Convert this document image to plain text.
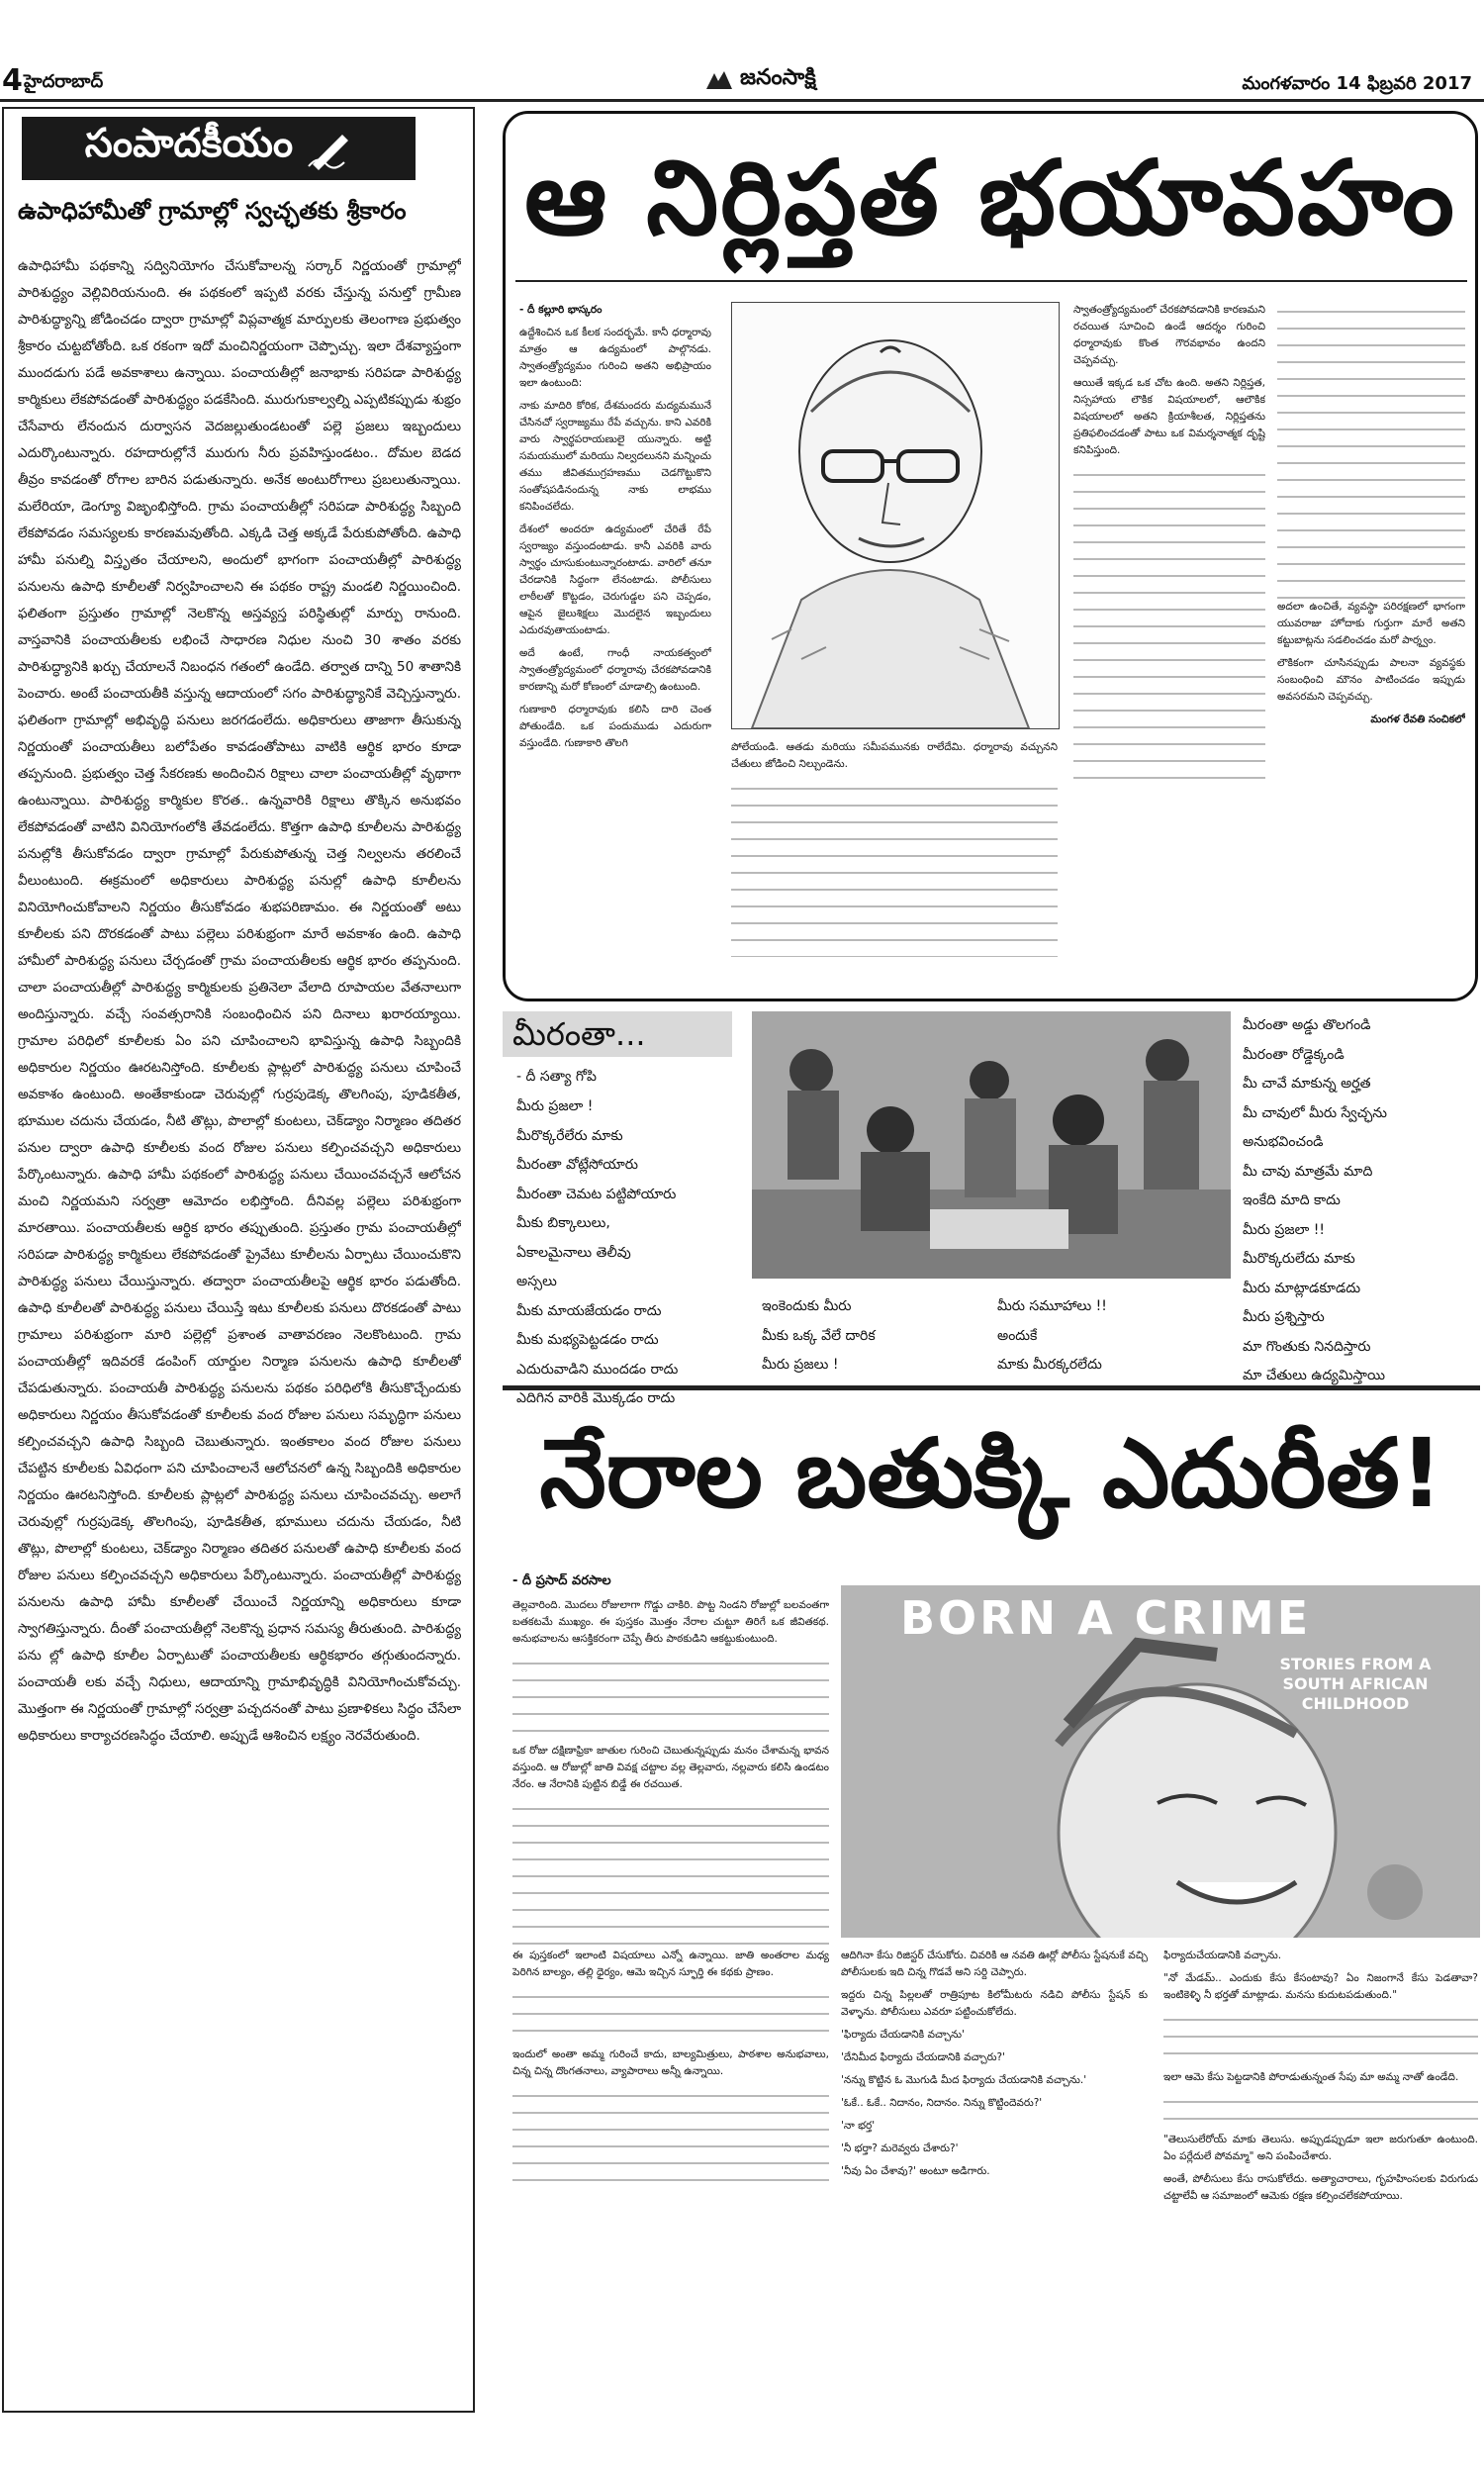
4 హైదరాబాద్	జనంసాక్షి	మంగళవారం 14 ఫిబ్రవరి 2017
సంపాదకీయం
ఉపాధిహామీతో గ్రామాల్లో స్వచ్ఛతకు శ్రీకారం

ఉపాధిహామీ పథకాన్ని సద్వినియోగం చేసుకోవాలన్న సర్కార్ నిర్ణయంతో గ్రామాల్లో పారిశుద్ధ్యం వెల్లివిరియనుంది. ఈ పథకంలో ఇప్పటి వరకు చేస్తున్న పనుల్తో గ్రామీణ పారిశుద్ధ్యాన్ని జోడించడం ద్వారా గ్రామాల్లో విప్లవాత్మక మార్పులకు తెలంగాణ ప్రభుత్వం శ్రీకారం చుట్టబోతోంది. ఒక రకంగా ఇదో మంచినిర్ణయంగా చెప్పొచ్చు. ఇలా దేశవ్యాప్తంగా ముందడుగు పడే అవకాశాలు ఉన్నాయి. పంచాయతీల్లో జనాభాకు సరిపడా పారిశుద్ధ్య కార్మికులు లేకపోవడంతో పారిశుద్ధ్యం పడకేసింది. మురుగుకాల్వల్ని ఎప్పటికప్పుడు శుభ్రం చేసేవారు లేనందున దుర్వాసన వెదజల్లుతుండటంతో పల్లె ప్రజలు ఇబ్బందులు ఎదుర్కొంటున్నారు. రహదారుల్లోనే మురుగు నీరు ప్రవహిస్తుండటం.. దోమల బెడద తీవ్రం కావడంతో రోగాల బారిన పడుతున్నారు. అనేక అంటురోగాలు ప్రబలుతున్నాయి. మలేరియా, డెంగ్యూ విజృంభిస్తోంది. గ్రామ పంచాయతీల్లో సరిపడా పారిశుద్ధ్య సిబ్బంది లేకపోవడం సమస్యలకు కారణమవుతోంది. ఎక్కడి చెత్త అక్కడే పేరుకుపోతోంది. ఉపాధి హామీ పనుల్ని విస్తృతం చేయాలని, అందులో భాగంగా పంచాయతీల్లో పారిశుద్ధ్య పనులను ఉపాధి కూలీలతో నిర్వహించాలని ఈ పథకం రాష్ట్ర మండలి నిర్ణయించింది. ఫలితంగా ప్రస్తుతం గ్రామాల్లో నెలకొన్న అస్తవ్యస్త పరిస్థితుల్లో మార్పు రానుంది. వాస్తవానికి పంచాయతీలకు లభించే సాధారణ నిధుల నుంచి 30 శాతం వరకు పారిశుద్ధ్యానికి ఖర్చు చేయాలనే నిబంధన గతంలో ఉండేది. తర్వాత దాన్ని 50 శాతానికి పెంచారు. అంటే పంచాయతీకి వస్తున్న ఆదాయంలో సగం పారిశుద్ధ్యానికే వెచ్చిస్తున్నారు. ఫలితంగా గ్రామాల్లో అభివృద్ధి పనులు జరగడంలేదు. అధికారులు తాజాగా తీసుకున్న నిర్ణయంతో పంచాయతీలు బలోపేతం కావడంతోపాటు వాటికి ఆర్థిక భారం కూడా తప్పనుంది. ప్రభుత్వం చెత్త సేకరణకు అందించిన రిక్షాలు చాలా పంచాయతీల్లో వృథాగా ఉంటున్నాయి. పారిశుద్ధ్య కార్మికుల కొరత.. ఉన్నవారికి రిక్షాలు తొక్కిన అనుభవం లేకపోవడంతో వాటిని వినియోగంలోకి తేవడంలేదు. కొత్తగా ఉపాధి కూలీలను పారిశుద్ధ్య పనుల్లోకి తీసుకోవడం ద్వారా గ్రామాల్లో పేరుకుపోతున్న చెత్త నిల్వలను తరలించే వీలుంటుంది. ఈక్రమంలో అధికారులు పారిశుద్ధ్య పనుల్లో ఉపాధి కూలీలను వినియోగించుకోవాలని నిర్ణయం తీసుకోవడం శుభపరిణామం. ఈ నిర్ణయంతో అటు కూలీలకు పని దొరకడంతో పాటు పల్లెలు పరిశుభ్రంగా మారే అవకాశం ఉంది. ఉపాధి హామీలో పారిశుద్ధ్య పనులు చేర్చడంతో గ్రామ పంచాయతీలకు ఆర్థిక భారం తప్పనుంది. చాలా పంచాయతీల్లో పారిశుద్ధ్య కార్మికులకు ప్రతినెలా వేలాది రూపాయల వేతనాలుగా అందిస్తున్నారు. వచ్చే సంవత్సరానికి సంబంధించిన పని దినాలు ఖరారయ్యాయి. గ్రామాల పరిధిలో కూలీలకు ఏం పని చూపించాలని భావిస్తున్న ఉపాధి సిబ్బందికి అధికారుల నిర్ణయం ఊరటనిస్తోంది. కూలీలకు ప్లాట్లలో పారిశుద్ధ్య పనులు చూపించే అవకాశం ఉంటుంది. అంతేకాకుండా చెరువుల్లో గుర్రపుడెక్క తొలగింపు, పూడికతీత, భూముల చదును చేయడం, నీటి తొట్లు, పొలాల్లో కుంటలు, చెక్‌డ్యాం నిర్మాణం తదితర పనుల ద్వారా ఉపాధి కూలీలకు వంద రోజుల పనులు కల్పించవచ్చని అధికారులు పేర్కొంటున్నారు. ఉపాధి హామీ పథకంలో పారిశుద్ధ్య పనులు చేయించవచ్చనే ఆలోచన మంచి నిర్ణయమని సర్వత్రా ఆమోదం లభిస్తోంది. దీనివల్ల పల్లెలు పరిశుభ్రంగా మారతాయి. పంచాయతీలకు ఆర్థిక భారం తప్పుతుంది. ప్రస్తుతం గ్రామ పంచాయతీల్లో సరిపడా పారిశుద్ధ్య కార్మికులు లేకపోవడంతో ప్రైవేటు కూలీలను ఏర్పాటు చేయించుకొని పారిశుద్ధ్య పనులు చేయిస్తున్నారు. తద్వారా పంచాయతీలపై ఆర్థిక భారం పడుతోంది. ఉపాధి కూలీలతో పారిశుద్ధ్య పనులు చేయిస్తే ఇటు కూలీలకు పనులు దొరకడంతో పాటు గ్రామాలు పరిశుభ్రంగా మారి పల్లెల్లో ప్రశాంత వాతావరణం నెలకొంటుంది. గ్రామ పంచాయతీల్లో ఇదివరకే డంపింగ్ యార్డుల నిర్మాణ పనులను ఉపాధి కూలీలతో చేపడుతున్నారు. పంచాయతీ పారిశుద్ధ్య పనులను పథకం పరిధిలోకి తీసుకొచ్చేందుకు అధికారులు నిర్ణయం తీసుకోవడంతో కూలీలకు వంద రోజుల పనులు సమృద్ధిగా పనులు కల్పించవచ్చని ఉపాధి సిబ్బంది చెబుతున్నారు. ఇంతకాలం వంద రోజుల పనులు చేపట్టిన కూలీలకు ఏవిధంగా పని చూపించాలనే ఆలోచనలో ఉన్న సిబ్బందికి అధికారుల నిర్ణయం ఊరటనిస్తోంది. కూలీలకు ప్లాట్లలో పారిశుద్ధ్య పనులు చూపించవచ్చు. అలాగే చెరువుల్లో గుర్రపుడెక్క తొలగింపు, పూడికతీత, భూములు చదును చేయడం, నీటి తొట్లు, పొలాల్లో కుంటలు, చెక్‌డ్యాం నిర్మాణం తదితర పనులతో ఉపాధి కూలీలకు వంద రోజుల పనులు కల్పించవచ్చని అధికారులు పేర్కొంటున్నారు. పంచాయతీల్లో పారిశుద్ధ్య పనులను ఉపాధి హామీ కూలీలతో చేయించే నిర్ణయాన్ని అధికారులు కూడా స్వాగతిస్తున్నారు. దీంతో పంచాయతీల్లో నెలకొన్న ప్రధాన సమస్య తీరుతుంది. పారిశుద్ధ్య పను ల్లో ఉపాధి కూలీల ఏర్పాటుతో పంచాయతీలకు ఆర్థికభారం తగ్గుతుందన్నారు. పంచాయతీ లకు వచ్చే నిధులు, ఆదాయాన్ని గ్రామాభివృద్ధికి వినియోగించుకోవచ్చు. మొత్తంగా ఈ నిర్ణయంతో గ్రామాల్లో సర్వత్రా పచ్చదనంతో పాటు ప్రణాళికలు సిద్ధం చేసేలా అధికారులు కార్యాచరణసిద్ధం చేయాలి. అప్పుడే ఆశించిన లక్ష్యం నెరవేరుతుంది.

ఆ నిర్లిప్తత భయావహం
- దీ కల్లూరి భాస్కరం

ఉద్దేశించిన ఒక కీలక సందర్భమే. కానీ ధర్మారావు మాత్రం ఆ ఉద్యమంలో పాల్గొనడు. స్వాతంత్ర్యోద్యమం గురించి అతని అభిప్రాయం ఇలా ఉంటుంది:

నాకు మాదిరి కోరిక, దేశమందరు మద్యమమునే చేసినచో స్వరాజ్యము రేపే వచ్చును. కాని ఎవరికి వారు స్వార్థపరాయణులై యున్నారు. అట్టి సమయములో మరియు నిల్వదలునని మన్నించు తము జీవితముగ్రహణము చెడగొట్టుకొని సంతోషపడినందున్న నాకు లాభము కనిపించలేదు.

దేశంలో అందరూ ఉద్యమంలో చేరితే రేపే స్వరాజ్యం వస్తుందంటాడు. కానీ ఎవరికి వారు స్వార్థం చూసుకుంటున్నారంటాడు. వారిలో తనూ చేరడానికి సిద్ధంగా లేనంటాడు. పోలీసులు లాఠీలతో కొట్టడం, చెరుగుడ్డల పని చెప్పడం, ఆపైన జైలుశిక్షలు మొదలైన ఇబ్బందులు ఎదురవుతాయంటాడు.

అదే ఉంటే, గాంధీ నాయకత్వంలో స్వాతంత్ర్యోద్యమంలో ధర్మారావు చేరకపోవడానికి కారణాన్ని మరో కోణంలో చూడాల్సి ఉంటుంది.

గుణాకారి ధర్మారావుకు కలిసి దారి చెంత పోతుండేది. ఒక పందుముడు ఎదురుగా వస్తుండేది. గుణాకారి తొలగి	పోలేయండి. ఆతడు మరియు సమీపమునకు రాలేదేమి. ధర్మారావు వచ్చునని చేతులు జోడించి నిల్చుండెను.

స్వాతంత్ర్యోద్యమంలో చేరకపోవడానికి కారణమని రచయిత సూచించి ఉండే ఆదర్శం గురించి ధర్మారావుకు కొంత గౌరవభావం ఉందని చెప్పవచ్చు.

ఆయితే ఇక్కడ ఒక చోట ఉంది. అతని నిర్లిప్తత, నిస్సహాయ లౌకిక విషయాలలో, ఆలౌకిక విషయాలలో అతని క్రియాశీలత, నిర్లిప్తతను ప్రతిఫలించడంతో పాటు ఒక విమర్శనాత్మక దృష్టి కనిపిస్తుంది.

అదలా ఉంచితే, వ్యవస్థా పరిరక్షణలో భాగంగా యువరాజు హోదాకు గుర్తుగా మారే అతని కట్టుబాట్లను సడలించడం మరో పార్శ్వం.

లౌకికంగా చూసినప్పుడు పాలనా వ్యవస్థకు సంబంధించి మౌనం పాటించడం ఇప్పుడు అవసరమని చెప్పవచ్చు.

మంగళ రేవతి సంచికలో
మీరంతా...
- దీ సత్యా గోపి
మీరు ప్రజలా !
మీరొక్కరేలేరు మాకు
మీరంతా వోట్లేసోయారు
మీరంతా చెమట పట్టిపోయారు
మీకు బిక్కాలులు,
ఏకాలమైనాలు తెలీవు
అస్సలు
మీకు మాయజేయడం రాదు
మీకు మభ్యపెట్టడడం రాదు
ఎదురువాడిని ముందడం రాదు
ఎదిగిన వారికి మొక్కడం రాదు
ఇంకెందుకు మీరు
మీకు ఒక్క వేలే దారిక
మీరు ప్రజలు !
మీరు సమూహాలు !!
అందుకే
మాకు మీరక్కరలేదు
మీరంతా అడ్డు తొలగండి
మీరంతా రోడ్డెక్కండి
మీ చావే మాకున్న అర్హత
మీ చావులో మీరు స్వేచ్ఛను
అనుభవించండి
మీ చావు మాత్రమే మాది
ఇంకేది మాది కాదు
మీరు ప్రజలా !!
మీరొక్కరులేదు మాకు
మీరు మాట్లాడకూడదు
మీరు ప్రశ్నిస్తారు
మా గొంతుకు నినదిస్తారు
మా చేతులు ఉద్యమిస్తాయి
నేరాల బతుక్కి ఎదురీత!
- దీ ప్రసాద్ వరసాల
BORN A CRIME
STORIES FROM A SOUTH AFRICAN CHILDHOOD

తెల్లవారింది. మొదలు రోజులాగా గొడ్డు చాకిరి. పొట్ట నిండని రోజుల్లో బలవంతగా బతకటమే ముఖ్యం. ఈ పుస్తకం మొత్తం నేరాల చుట్టూ తిరిగే ఒక జీవితకథ. అనుభవాలను ఆసక్తికరంగా చెప్పే తీరు పాఠకుడిని ఆకట్టుకుంటుంది.

ఒక రోజు దక్షిణాఫ్రికా జాతుల గురించి చెబుతున్నప్పుడు మనం చేశామన్న భావన వస్తుంది. ఆ రోజుల్లో జాతి వివక్ష చట్టాల వల్ల తెల్లవారు, నల్లవారు కలిసి ఉండటం నేరం. ఆ నేరానికి పుట్టిన బిడ్డే ఈ రచయిత.

ఈ పుస్తకంలో ఇలాంటి విషయాలు ఎన్నో ఉన్నాయి. జాతి అంతరాల మధ్య పెరిగిన బాల్యం, తల్లి ధైర్యం, ఆమె ఇచ్చిన స్ఫూర్తి ఈ కథకు ప్రాణం.

ఇందులో అంతా అమ్మ గురించే కాదు, బాల్యమిత్రులు, పాఠశాల అనుభవాలు, చిన్న చిన్న దొంగతనాలు, వ్యాపారాలు అన్నీ ఉన్నాయి.

ఆదిగినా కేసు రిజిస్టర్ చేసుకోరు. చివరికి ఆ నవతి ఊర్లో పోలీసు స్టేషనుకే వచ్చి పోలీసులకు ఇది చిన్న గొడవే అని సర్ది చెప్పారు.

ఇద్దరు చిన్న పిల్లలతో రాత్రిపూట కిలోమీటరు నడిచి పోలీసు స్టేషన్ కు వెళ్ళాను. పోలీసులు ఎవరూ పట్టించుకోలేదు.

'ఫిర్యాదు చేయడానికి వచ్చాను'

'దేనిమీద ఫిర్యాదు చేయడానికి వచ్చారు?'

'నన్ను కొట్టిన ఓ మొగుడి మీద ఫిర్యాదు చేయడానికి వచ్చాను.'

'ఓకే.. ఓకే.. నిదానం, నిదానం. నిన్ను కొట్టిందెవరు?'

'నా భర్త'

'నీ భర్తా? మరెవ్వరు చేశారు?'

'నీవు ఏం చేశావు?' అంటూ అడిగారు.

ఫిర్యాదుచేయడానికి వచ్చాను.

"నో మేడమ్.. ఎందుకు కేసు కేసంటావు? ఏం నిజంగానే కేసు పెడతావా? ఇంటికెళ్ళి నీ భర్తతో మాట్లాడు. మనసు కుదుటపడుతుంది."

ఇలా ఆమె కేసు పెట్టడానికి పోరాడుతున్నంత సేపు మా అమ్మ నాతో ఉండేది.

"తెలుసులేరోయ్ మాకు తెలుసు. అప్పుడప్పుడూ ఇలా జరుగుతూ ఉంటుంది. ఏం పర్లేదులే పోవమ్మా" అని పంపించేశారు.

అంతే, పోలీసులు కేసు రాసుకోలేదు. అత్యాచారాలు, గృహహింసలకు విరుగుడు చట్టాలేవీ ఆ సమాజంలో ఆమెకు రక్షణ కల్పించలేకపోయాయి.
